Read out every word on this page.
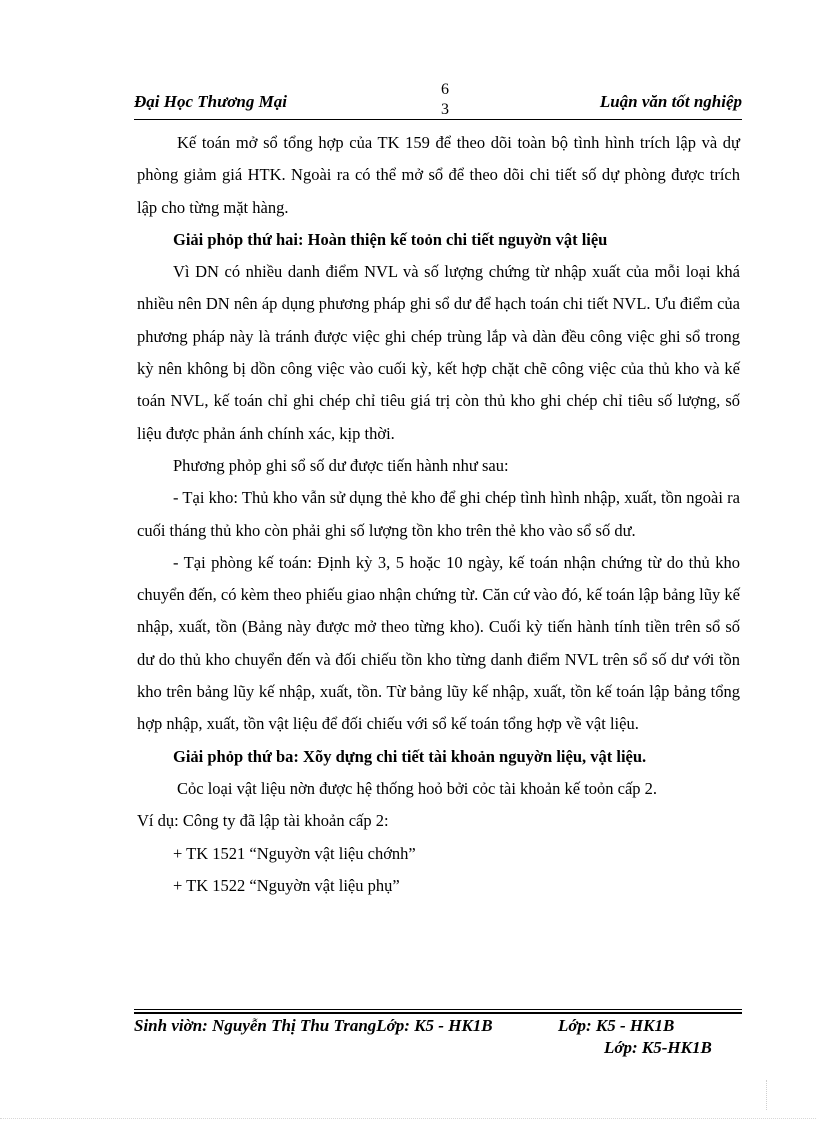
Đại Học Thương Mại
6
3	Luận văn tốt nghiệp

Kế toán mở sổ tổng hợp của TK 159 để theo dõi toàn bộ tình hình trích lập và dự phòng giảm giá HTK. Ngoài ra có thể mở sổ để theo dõi chi tiết số dự phòng được trích lập cho từng mặt hàng.

Giải phỏp thứ hai: Hoàn thiện kế toỏn chi tiết nguyờn vật liệu

Vì DN có nhiều danh điểm NVL và số lượng chứng từ nhập xuất của mỗi loại khá nhiều nên DN nên áp dụng phương pháp ghi sổ dư để hạch toán chi tiết NVL. Ưu điểm của phương pháp này là tránh được việc ghi chép trùng lắp và dàn đều công việc ghi sổ trong kỳ nên không bị dồn công việc vào cuối kỳ, kết hợp chặt chẽ công việc của thủ kho và kế toán NVL, kế toán chỉ ghi chép chỉ tiêu giá trị còn thủ kho ghi chép chỉ tiêu số lượng, số liệu được phản ánh chính xác, kịp thời.

Phương phỏp ghi sổ số dư được tiến hành như sau:

- Tại kho: Thủ kho vẫn sử dụng thẻ kho để ghi chép tình hình nhập, xuất, tồn ngoài ra cuối tháng thủ kho còn phải ghi số lượng tồn kho trên thẻ kho vào sổ số dư.

- Tại phòng kế toán: Định kỳ 3, 5 hoặc 10 ngày, kế toán nhận chứng từ do thủ kho chuyển đến, có kèm theo phiếu giao nhận chứng từ. Căn cứ vào đó, kế toán lập bảng lũy kế nhập, xuất, tồn (Bảng này được mở theo từng kho). Cuối kỳ tiến hành tính tiền trên sổ số dư do thủ kho chuyển đến và đối chiếu tồn kho từng danh điểm NVL trên sổ số dư với tồn kho trên bảng lũy kế nhập, xuất, tồn. Từ bảng lũy kế nhập, xuất, tồn kế toán lập bảng tổng hợp nhập, xuất, tồn vật liệu để đối chiếu với sổ kế toán tổng hợp về vật liệu.

Giải phỏp thứ ba: Xõy dựng chi tiết tài khoản nguyờn liệu, vật liệu.

Cỏc loại vật liệu nờn được hệ thống hoỏ bởi cỏc tài khoản kế toỏn cấp 2.

Ví dụ: Công ty đã lập tài khoản cấp 2:

+ TK 1521 “Nguyờn vật liệu chớnh”

+ TK 1522 “Nguyờn vật liệu phụ”

Sinh viờn: Nguyễn Thị Thu TrangLớp: K5 - HK1B	Lớp: K5 - HK1B
Lớp: K5-HK1B
